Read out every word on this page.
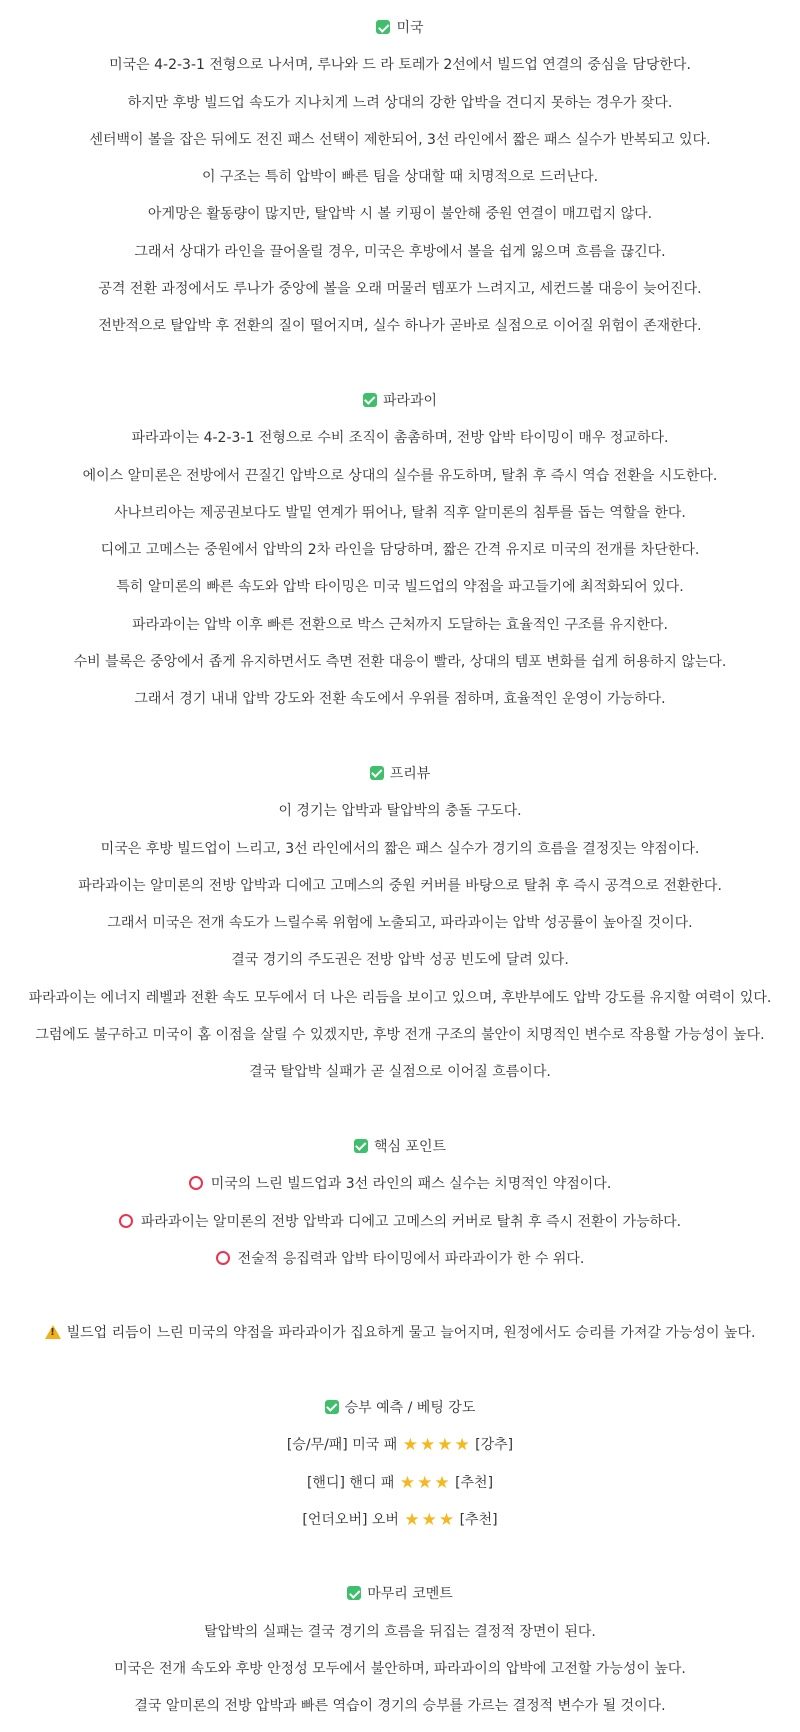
미국
미국은 4-2-3-1 전형으로 나서며, 루나와 드 라 토레가 2선에서 빌드업 연결의 중심을 담당한다.
하지만 후방 빌드업 속도가 지나치게 느려 상대의 강한 압박을 견디지 못하는 경우가 잦다.
센터백이 볼을 잡은 뒤에도 전진 패스 선택이 제한되어, 3선 라인에서 짧은 패스 실수가 반복되고 있다.
이 구조는 특히 압박이 빠른 팀을 상대할 때 치명적으로 드러난다.
아게망은 활동량이 많지만, 탈압박 시 볼 키핑이 불안해 중원 연결이 매끄럽지 않다.
그래서 상대가 라인을 끌어올릴 경우, 미국은 후방에서 볼을 쉽게 잃으며 흐름을 끊긴다.
공격 전환 과정에서도 루나가 중앙에 볼을 오래 머물러 템포가 느려지고, 세컨드볼 대응이 늦어진다.
전반적으로 탈압박 후 전환의 질이 떨어지며, 실수 하나가 곧바로 실점으로 이어질 위험이 존재한다.
파라과이
파라과이는 4-2-3-1 전형으로 수비 조직이 촘촘하며, 전방 압박 타이밍이 매우 정교하다.
에이스 알미론은 전방에서 끈질긴 압박으로 상대의 실수를 유도하며, 탈취 후 즉시 역습 전환을 시도한다.
사나브리아는 제공권보다도 발밑 연계가 뛰어나, 탈취 직후 알미론의 침투를 돕는 역할을 한다.
디에고 고메스는 중원에서 압박의 2차 라인을 담당하며, 짧은 간격 유지로 미국의 전개를 차단한다.
특히 알미론의 빠른 속도와 압박 타이밍은 미국 빌드업의 약점을 파고들기에 최적화되어 있다.
파라과이는 압박 이후 빠른 전환으로 박스 근처까지 도달하는 효율적인 구조를 유지한다.
수비 블록은 중앙에서 좁게 유지하면서도 측면 전환 대응이 빨라, 상대의 템포 변화를 쉽게 허용하지 않는다.
그래서 경기 내내 압박 강도와 전환 속도에서 우위를 점하며, 효율적인 운영이 가능하다.
프리뷰
이 경기는 압박과 탈압박의 충돌 구도다.
미국은 후방 빌드업이 느리고, 3선 라인에서의 짧은 패스 실수가 경기의 흐름을 결정짓는 약점이다.
파라과이는 알미론의 전방 압박과 디에고 고메스의 중원 커버를 바탕으로 탈취 후 즉시 공격으로 전환한다.
그래서 미국은 전개 속도가 느릴수록 위험에 노출되고, 파라과이는 압박 성공률이 높아질 것이다.
결국 경기의 주도권은 전방 압박 성공 빈도에 달려 있다.
파라과이는 에너지 레벨과 전환 속도 모두에서 더 나은 리듬을 보이고 있으며, 후반부에도 압박 강도를 유지할 여력이 있다.
그럼에도 불구하고 미국이 홈 이점을 살릴 수 있겠지만, 후방 전개 구조의 불안이 치명적인 변수로 작용할 가능성이 높다.
결국 탈압박 실패가 곧 실점으로 이어질 흐름이다.
핵심 포인트
미국의 느린 빌드업과 3선 라인의 패스 실수는 치명적인 약점이다.
파라과이는 알미론의 전방 압박과 디에고 고메스의 커버로 탈취 후 즉시 전환이 가능하다.
전술적 응집력과 압박 타이밍에서 파라과이가 한 수 위다.
!빌드업 리듬이 느린 미국의 약점을 파라과이가 집요하게 물고 늘어지며, 원정에서도 승리를 가져갈 가능성이 높다.
승부 예측 / 베팅 강도
[승/무/패] 미국 패 ★ ★ ★ ★ [강추]
[핸디] 핸디 패 ★ ★ ★ [추천]
[언더오버] 오버 ★ ★ ★ [추천]
마무리 코멘트
탈압박의 실패는 결국 경기의 흐름을 뒤집는 결정적 장면이 된다.
미국은 전개 속도와 후방 안정성 모두에서 불안하며, 파라과이의 압박에 고전할 가능성이 높다.
결국 알미론의 전방 압박과 빠른 역습이 경기의 승부를 가르는 결정적 변수가 될 것이다.
